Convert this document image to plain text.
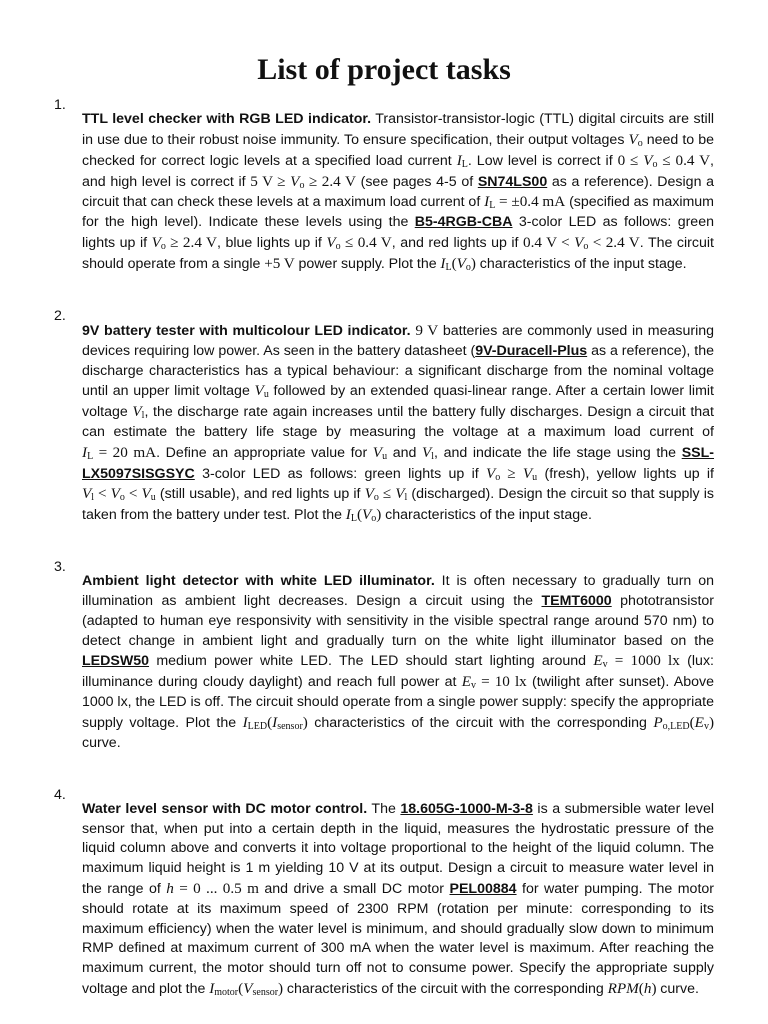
List of project tasks
1.

TTL level checker with RGB LED indicator. Transistor-transistor-logic (TTL) digital circuits are still in use due to their robust noise immunity. To ensure specification, their output voltages $V_o$ need to be checked for correct logic levels at a specified load current $I_L$. Low level is correct if $0 \le V_o \le 0.4$ V, and high level is correct if 5 $V \ge V_o \ge 2.4$ V (see pages 4-5 of SN74LS00 as a reference). Design a circuit that can check these levels at a maximum load current of $I_L = \pm 0.4$ mA (specified as maximum for the high level). Indicate these levels using the B5-4RGB-CBA 3-color LED as follows: green lights up if $V_o \ge 2.4$ V, blue lights up if $V_o \le 0.4$ V, and red lights up if 0.4 $V < V_o < 2.4$ V. The circuit should operate from a single +5 V power supply. Plot the $I_L(V_o)$ characteristics of the input stage.

2.

9V battery tester with multicolour LED indicator. 9 V batteries are commonly used in measuring devices requiring low power. As seen in the battery datasheet (9V-Duracell-Plus as a reference), the discharge characteristics has a typical behaviour: a significant discharge from the nominal voltage until an upper limit voltage $V_u$ followed by an extended quasi-linear range. After a certain lower limit voltage $V_l$, the discharge rate again increases until the battery fully discharges. Design a circuit that can estimate the battery life stage by measuring the voltage at a maximum load current of $I_L = 20$ mA. Define an appropriate value for $V_u$ and $V_l$, and indicate the life stage using the SSL-LX5097SISGSYC 3-color LED as follows: green lights up if $V_o \ge V_u$ (fresh), yellow lights up if $V_l < V_o < V_u$ (still usable), and red lights up if $V_o \le V_l$ (discharged). Design the circuit so that supply is taken from the battery under test. Plot the $I_L(V_o)$ characteristics of the input stage.

3.

Ambient light detector with white LED illuminator. It is often necessary to gradually turn on illumination as ambient light decreases. Design a circuit using the TEMT6000 phototransistor (adapted to human eye responsivity with sensitivity in the visible spectral range around 570 nm) to detect change in ambient light and gradually turn on the white light illuminator based on the LEDSW50 medium power white LED. The LED should start lighting around $E_v = 1000$ lx (lux: illuminance during cloudy daylight) and reach full power at $E_v = 10$ lx (twilight after sunset). Above 1000 lx, the LED is off. The circuit should operate from a single power supply: specify the appropriate supply voltage. Plot the $I_{LED}(I_{sensor})$ characteristics of the circuit with the corresponding $P_{o,LED}(E_v)$ curve.

4.

Water level sensor with DC motor control. The 18.605G-1000-M-3-8 is a submersible water level sensor that, when put into a certain depth in the liquid, measures the hydrostatic pressure of the liquid column above and converts it into voltage proportional to the height of the liquid column. The maximum liquid height is 1 m yielding 10 V at its output. Design a circuit to measure water level in the range of h = 0 ... 0.5 m and drive a small DC motor PEL00884 for water pumping. The motor should rotate at its maximum speed of 2300 RPM (rotation per minute: corresponding to its maximum efficiency) when the water level is minimum, and should gradually slow down to minimum RMP defined at maximum current of 300 mA when the water level is maximum. After reaching the maximum current, the motor should turn off not to consume power. Specify the appropriate supply voltage and plot the $I_{motor}(V_{sensor})$ characteristics of the circuit with the corresponding RPM(h) curve.
